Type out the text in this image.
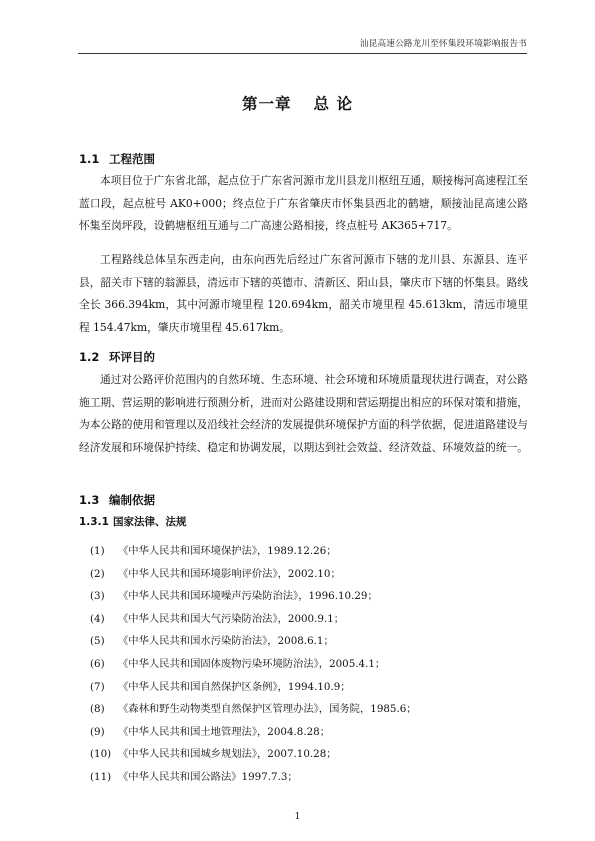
汕昆高速公路龙川至怀集段环境影响报告书
第一章 总 论
1.1 工程范围

本项目位于广东省北部，起点位于广东省河源市龙川县龙川枢纽互通，顺接梅河高速程江至蓝口段，起点桩号 AK0+000；终点位于广东省肇庆市怀集县西北的鹤塘，顺接汕昆高速公路怀集至岗坪段，设鹤塘枢纽互通与二广高速公路相接，终点桩号 AK365+717。

工程路线总体呈东西走向，由东向西先后经过广东省河源市下辖的龙川县、东源县、连平县，韶关市下辖的翁源县，清远市下辖的英德市、清新区、阳山县，肇庆市下辖的怀集县。路线全长 366.394km，其中河源市境里程 120.694km，韶关市境里程 45.613km，清远市境里程 154.47km，肇庆市境里程 45.617km。

1.2 环评目的

通过对公路评价范围内的自然环境、生态环境、社会环境和环境质量现状进行调查，对公路施工期、营运期的影响进行预测分析，进而对公路建设期和营运期提出相应的环保对策和措施，为本公路的使用和管理以及沿线社会经济的发展提供环境保护方面的科学依据，促进道路建设与经济发展和环境保护持续、稳定和协调发展，以期达到社会效益、经济效益、环境效益的统一。

1.3 编制依据
1.3.1 国家法律、法规
(1) 《中华人民共和国环境保护法》，1989.12.26；
(2) 《中华人民共和国环境影响评价法》，2002.10；
(3) 《中华人民共和国环境噪声污染防治法》，1996.10.29；
(4) 《中华人民共和国大气污染防治法》，2000.9.1；
(5) 《中华人民共和国水污染防治法》，2008.6.1；
(6) 《中华人民共和国固体废物污染环境防治法》，2005.4.1；
(7) 《中华人民共和国自然保护区条例》，1994.10.9；
(8) 《森林和野生动物类型自然保护区管理办法》，国务院，1985.6；
(9) 《中华人民共和国土地管理法》，2004.8.28；
(10) 《中华人民共和国城乡规划法》，2007.10.28；
(11) 《中华人民共和国公路法》1997.7.3；
1
